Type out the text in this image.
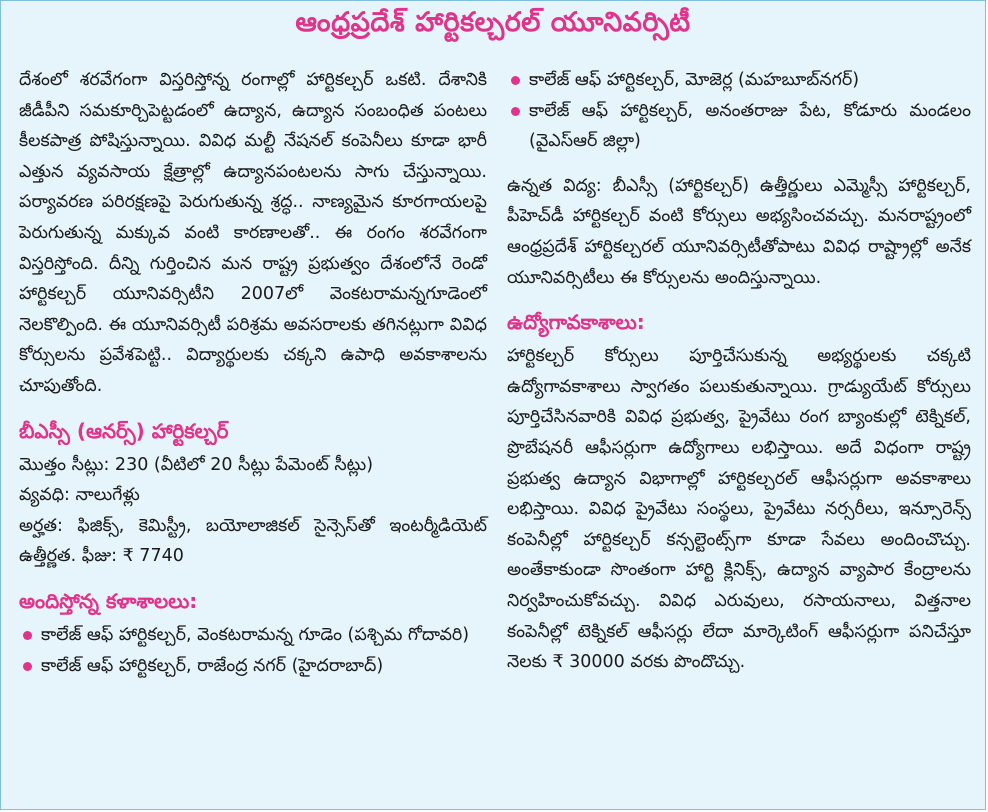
ఆంధ్రప్రదేశ్ హార్టికల్చరల్ యూనివర్సిటీ

దేశంలో శరవేగంగా విస్తరిస్తోన్న రంగాల్లో హార్టికల్చర్ ఒకటి. దేశానికి జీడీపీని సమకూర్చిపెట్టడంలో ఉద్యాన, ఉద్యాన సంబంధిత పంటలు కీలకపాత్ర పోషిస్తున్నాయి. వివిధ మల్టీ నేషనల్ కంపెనీలు కూడా భారీ ఎత్తున వ్యవసాయ క్షేత్రాల్లో ఉద్యానపంటలను సాగు చేస్తున్నాయి. పర్యావరణ పరిరక్షణపై పెరుగుతున్న శ్రద్ధ.. నాణ్యమైన కూరగాయలపై పెరుగుతున్న మక్కువ వంటి కారణాలతో.. ఈ రంగం శరవేగంగా విస్తరిస్తోంది. దీన్ని గుర్తించిన మన రాష్ట్ర ప్రభుత్వం దేశంలోనే రెండో హార్టికల్చర్ యూనివర్సిటీని 2007లో వెంకటరామన్నగూడెంలో నెలకొల్పింది. ఈ యూనివర్సిటీ పరిశ్రమ అవసరాలకు తగినట్లుగా వివిధ కోర్సులను ప్రవేశపెట్టి.. విద్యార్థులకు చక్కని ఉపాధి అవకాశాలను చూపుతోంది.

బీఎస్సీ (ఆనర్స్) హార్టికల్చర్
మొత్తం సీట్లు: 230 (వీటిలో 20 సీట్లు పేమెంట్ సీట్లు)
వ్యవధి: నాలుగేళ్లు

అర్హత: ఫిజిక్స్, కెమిస్ట్రీ, బయోలాజికల్ సైన్సెస్‌తో ఇంటర్మీడియెట్ ఉత్తీర్ణత. ఫీజు: ₹ 7740

అందిస్తోన్న కళాశాలలు:
కాలేజ్ ఆఫ్ హార్టికల్చర్, వెంకటరామన్న గూడెం (పశ్చిమ గోదావరి)
కాలేజ్ ఆఫ్ హార్టికల్చర్, రాజేంద్ర నగర్ (హైదరాబాద్)
కాలేజ్ ఆఫ్ హార్టికల్చర్, మోజెర్ల (మహబూబ్‌నగర్)
కాలేజ్ ఆఫ్ హార్టికల్చర్, అనంతరాజు పేట, కోడూరు మండలం (వైఎస్ఆర్ జిల్లా)

ఉన్నత విద్య: బీఎస్సీ (హార్టికల్చర్) ఉత్తీర్ణులు ఎమ్మెస్సీ హార్టికల్చర్, పీహెచ్‌డీ హార్టికల్చర్ వంటి కోర్సులు అభ్యసించవచ్చు. మనరాష్ట్రంలో ఆంధ్రప్రదేశ్ హార్టికల్చరల్ యూనివర్సిటీతోపాటు వివిధ రాష్ట్రాల్లో అనేక యూనివర్సిటీలు ఈ కోర్సులను అందిస్తున్నాయి.

ఉద్యోగావకాశాలు:

హార్టికల్చర్ కోర్సులు పూర్తిచేసుకున్న అభ్యర్థులకు చక్కటి ఉద్యోగావకాశాలు స్వాగతం పలుకుతున్నాయి. గ్రాడ్యుయేట్ కోర్సులు పూర్తిచేసినవారికి వివిధ ప్రభుత్వ, ప్రైవేటు రంగ బ్యాంకుల్లో టెక్నికల్, ప్రొబేషనరీ ఆఫీసర్లుగా ఉద్యోగాలు లభిస్తాయి. అదే విధంగా రాష్ట్ర ప్రభుత్వ ఉద్యాన విభాగాల్లో హార్టికల్చరల్ ఆఫీసర్లుగా అవకాశాలు లభిస్తాయి. వివిధ ప్రైవేటు సంస్థలు, ప్రైవేటు నర్సరీలు, ఇన్సూరెన్స్ కంపెనీల్లో హార్టికల్చర్ కన్సల్టెంట్స్‌గా కూడా సేవలు అందించొచ్చు. అంతేకాకుండా సొంతంగా హార్టి క్లినిక్స్, ఉద్యాన వ్యాపార కేంద్రాలను నిర్వహించుకోవచ్చు. వివిధ ఎరువులు, రసాయనాలు, విత్తనాల కంపెనీల్లో టెక్నికల్ ఆఫీసర్లు లేదా మార్కెటింగ్ ఆఫీసర్లుగా పనిచేస్తూ నెలకు ₹ 30000 వరకు పొందొచ్చు.
